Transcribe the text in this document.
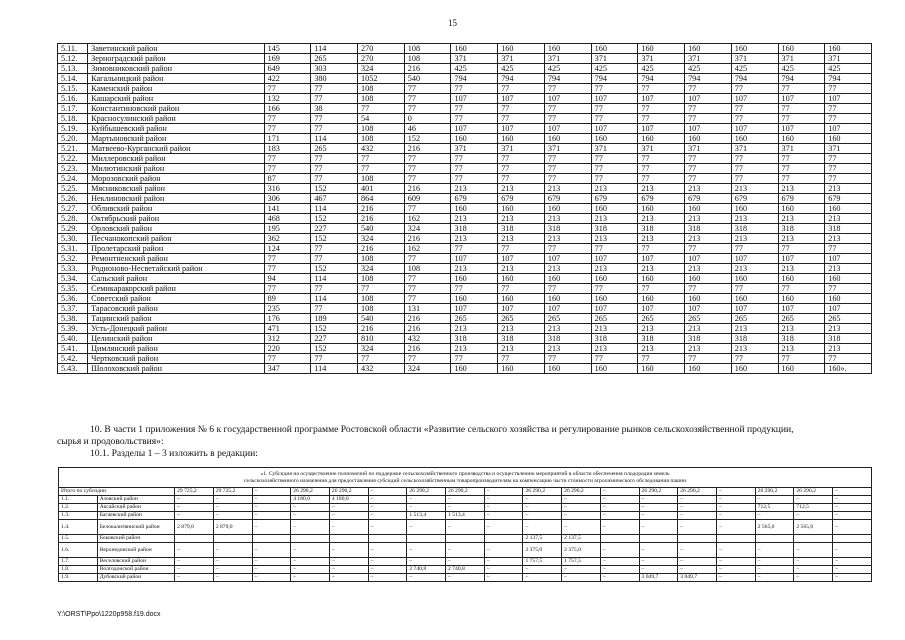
15
5.11.	Заветинский район	145	114	270	108	160	160	160	160	160	160	160	160	160
5.12.	Зерноградский район	169	265	270	108	371	371	371	371	371	371	371	371	371
5.13.	Зимовниковский район	649	303	324	216	425	425	425	425	425	425	425	425	425
5.14.	Кагальницкий район	422	380	1052	540	794	794	794	794	794	794	794	794	794
5.15.	Каменский район	77	77	108	77	77	77	77	77	77	77	77	77	77
5.16.	Кашарский район	132	77	108	77	107	107	107	107	107	107	107	107	107
5.17.	Константиновский район	166	38	77	77	77	77	77	77	77	77	77	77	77
5.18.	Красносулинский район	77	77	54	0	77	77	77	77	77	77	77	77	77
5.19.	Куйбышевский район	77	77	108	46	107	107	107	107	107	107	107	107	107
5.20.	Мартыновский район	171	114	108	152	160	160	160	160	160	160	160	160	160
5.21.	Матвеево-Курганский район	183	265	432	216	371	371	371	371	371	371	371	371	371
5.22.	Миллеровский район	77	77	77	77	77	77	77	77	77	77	77	77	77
5.23.	Милютинский район	77	77	77	77	77	77	77	77	77	77	77	77	77
5.24.	Морозовский район	87	77	108	77	77	77	77	77	77	77	77	77	77
5.25.	Мясниковский район	316	152	401	216	213	213	213	213	213	213	213	213	213
5.26.	Неклиновский район	306	467	864	609	679	679	679	679	679	679	679	679	679
5.27.	Обливский район	141	114	216	77	160	160	160	160	160	160	160	160	160
5.28.	Октябрьский район	468	152	216	162	213	213	213	213	213	213	213	213	213
5.29.	Орловский район	195	227	540	324	318	318	318	318	318	318	318	318	318
5.30.	Песчанокопский район	362	152	324	216	213	213	213	213	213	213	213	213	213
5.31.	Пролетарский район	124	77	216	162	77	77	77	77	77	77	77	77	77
5.32.	Ремонтненский район	77	77	108	77	107	107	107	107	107	107	107	107	107
5.33.	Родионово-Несветайский район	77	152	324	108	213	213	213	213	213	213	213	213	213
5.34.	Сальский район	94	114	108	77	160	160	160	160	160	160	160	160	160
5.35.	Семикаракорский район	77	77	77	77	77	77	77	77	77	77	77	77	77
5.36.	Советский район	89	114	108	77	160	160	160	160	160	160	160	160	160
5.37.	Тарасовский район	235	77	108	131	107	107	107	107	107	107	107	107	107
5.38.	Тацинский район	176	189	540	216	265	265	265	265	265	265	265	265	265
5.39.	Усть-Донецкий район	471	152	216	216	213	213	213	213	213	213	213	213	213
5.40.	Целинский район	312	227	810	432	318	318	318	318	318	318	318	318	318
5.41.	Цимлянский район	220	152	324	216	213	213	213	213	213	213	213	213	213
5.42.	Чертковский район	77	77	77	77	77	77	77	77	77	77	77	77	77
5.43.	Шолоховский район	347	114	432	324	160	160	160	160	160	160	160	160	160».
10. В части 1 приложения № 6 к государственной программе Ростовской области «Развитие сельского хозяйства и регулирование рынков сельскохозяйственной продукции,
сырья и продовольствия»:
10.1. Разделы 1 – 3 изложить в редакции:
«1. Субсидия на осуществление полномочий по поддержке сельскохозяйственного производства и осуществлению мероприятий в области обеспечения плодородия земель
сельскохозяйственного назначения для предоставления субсидий сельскохозяйственным товаропроизводителям на компенсацию части стоимости агрохимического обследования пашни																			
Итого по субсидии		29 725,2	29 725,2	–	26 290,2	26 290,2	–	26 290,2	26 290,2	–	26 290,2	26 290,2	–	26 290,2	26 290,2	–	26 290,2	26 290,2	–
1.1.	Азовский район	–	–	–	4 180,0	4 180,0	–	–	–	–	–	–	–	–	–	–	–	–	–
1.2.	Аксайский район	–	–	–	–	–	–	–	–	–	–	–	–	–	–	–	712,5	712,5	–
1.3.	Багаевский район	–	–	–	–	–	–	1 513,4	1 513,4	–	–	–	–	–	–	–	–	–	–
1.4.	Белокалитвинский район	2 879,0	2 879,0	–	–	–	–	–	–	–	–	–	–	–	–	–	2 565,0	2 565,0	–
1.5.	Боковский район										2 137,5	2 137,5							
1.6.	Верхнедонской район	–	–	–	–	–	–	–	–	–	2 375,0	2 375,0	–	–	–	–	–	–	–
1.7.	Веселовский район	–	–	–	–	–	–	–	–	–	1 757,5	1 757,5	–	–	–	–	–	–	–
1.8.	Волгодонской район	–	–	–	–	–	–	2 740,8	2 740,8	–	–	–	–	–	–	–	–	–	–
1.9.	Дубовский район	–	–	–	–	–	–	–	–	–	–	–	–	3 049,7	3 049,7	–	–	–	–
Y:\ORST\Ppo\1220p958.f19.docx
